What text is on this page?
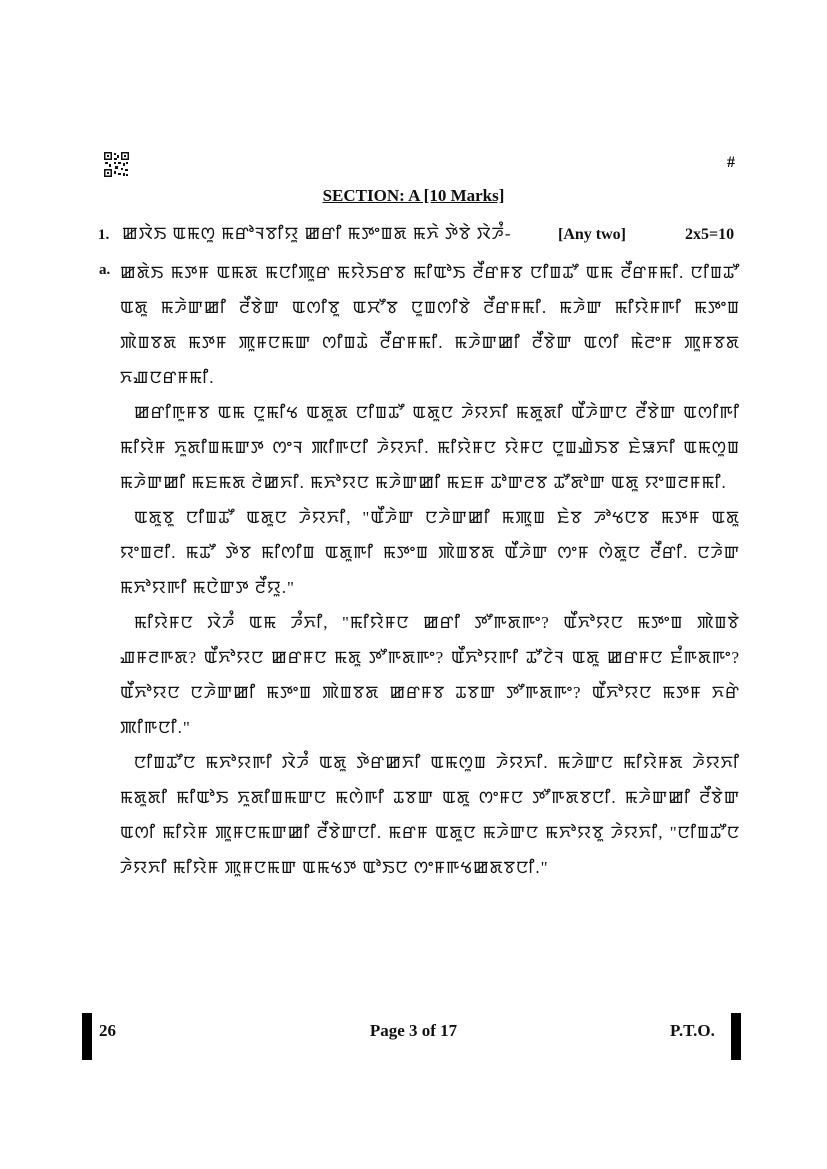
#
SECTION: A [10 Marks]
1. ꯀꯋꯥꯏ ꯑꯃꯁꯨ ꯃꯔꯣꯜꯕꯤꯌꯨ ꯀꯔꯤ ꯃꯇꯦꯡꯗ ꯃꯈꯥ ꯇꯥꯕꯥ ꯋꯥꯍꯪ-	[Any two]	2x5=10
a. ꯀꯗꯥꯏ ꯃꯇꯝ ꯑꯃꯗ ꯃꯅꯤꯄꯨꯔ ꯃꯌꯥꯏꯔꯕ ꯃꯤꯑꯣꯏ ꯂꯩꯔꯝꯕ ꯅꯤꯡꯊꯧ ꯑꯃ ꯂꯩꯔꯝꯃꯤ. ꯅꯤꯡꯊꯧ ꯑꯗꯨ ꯃꯍꯥꯛꯀꯤ ꯂꯩꯕꯥꯛ ꯑꯁꯤꯕꯨ ꯑꯆꯧꯕ ꯅꯨꯡꯁꯤꯕꯥ ꯂꯩꯔꯝꯃꯤ. ꯃꯍꯥꯛ ꯃꯤꯌꯥꯝꯒꯤ ꯃꯇꯦꯡ ꯄꯥꯡꯕꯗ ꯃꯇꯝ ꯄꯨꯝꯅꯃꯛ ꯁꯤꯡꯊꯥ ꯂꯩꯔꯝꯃꯤ. ꯃꯍꯥꯛꯀꯤ ꯂꯩꯕꯥꯛ ꯑꯁꯤ ꯃꯥꯂꯦꯝ ꯄꯨꯝꯕꯗ ꯈꯉꯅꯔꯝꯃꯤ.

ꯀꯔꯤꯒꯨꯝꯕ ꯑꯃ ꯅꯨꯃꯤꯠ ꯑꯗꯨꯗ ꯅꯤꯡꯊꯧ ꯑꯗꯨꯅ ꯍꯥꯌꯈꯤ ꯃꯗꯨꯗꯤ ꯑꯩꯍꯥꯛꯅ ꯂꯩꯕꯥꯛ ꯑꯁꯤꯒꯤ ꯃꯤꯌꯥꯝ ꯈꯨꯗꯤꯡꯃꯛꯇ ꯁꯦꯜ ꯄꯤꯒꯅꯤ ꯍꯥꯌꯈꯤ. ꯃꯤꯌꯥꯝꯅ ꯌꯥꯝꯅ ꯅꯨꯡꯉꯥꯏꯕ ꯐꯥꯎꯈꯤ ꯑꯃꯁꯨꯡ ꯃꯍꯥꯛꯀꯤ ꯃꯐꯃꯗ ꯂꯥꯀꯈꯤ. ꯃꯈꯣꯌꯅ ꯃꯍꯥꯛꯀꯤ ꯃꯐꯝ ꯊꯣꯛꯂꯕ ꯊꯧꯗꯣꯛ ꯑꯗꯨ ꯌꯦꯡꯂꯝꯃꯤ.

ꯑꯗꯨꯕꯨ ꯅꯤꯡꯊꯧ ꯑꯗꯨꯅ ꯍꯥꯌꯈꯤ, "ꯑꯩꯍꯥꯛ ꯅꯍꯥꯛꯀꯤ ꯃꯄꯨꯡ ꯐꯥꯕ ꯍꯣꯠꯅꯕ ꯃꯇꯝ ꯑꯗꯨ ꯌꯦꯡꯂꯤ. ꯃꯊꯧ ꯇꯥꯕ ꯃꯤꯁꯤꯡ ꯑꯗꯨꯒꯤ ꯃꯇꯦꯡ ꯄꯥꯡꯕꯗ ꯑꯩꯍꯥꯛ ꯁꯦꯝ ꯁꯥꯗꯨꯅ ꯂꯩꯔꯤ. ꯅꯍꯥꯛ ꯃꯈꯣꯌꯒꯤ ꯃꯅꯥꯛꯇ ꯂꯩꯌꯨ."

ꯃꯤꯌꯥꯝꯅ ꯋꯥꯍꯪ ꯑꯃ ꯍꯪꯈꯤ, "ꯃꯤꯌꯥꯝꯅ ꯀꯔꯤ ꯇꯧꯒꯗꯒꯦ? ꯑꯩꯈꯣꯌꯅ ꯃꯇꯦꯡ ꯄꯥꯡꯕꯥ ꯉꯝꯂꯒꯗ? ꯑꯩꯈꯣꯌꯅ ꯀꯔꯝꯅ ꯃꯗꯨ ꯇꯧꯒꯗꯒꯦ? ꯑꯩꯈꯣꯌꯒꯤ ꯊꯧꯖꯥꯜ ꯑꯗꯨ ꯀꯔꯝꯅ ꯐꯪꯒꯗꯒꯦ? ꯑꯩꯈꯣꯌꯅ ꯅꯍꯥꯛꯀꯤ ꯃꯇꯦꯡ ꯄꯥꯡꯕꯗ ꯀꯔꯝꯕ ꯊꯕꯛ ꯇꯧꯒꯗꯒꯦ? ꯑꯩꯈꯣꯌꯅ ꯃꯇꯝ ꯈꯔꯥ ꯄꯤꯒꯅꯤ."

ꯅꯤꯡꯊꯧꯅ ꯃꯈꯣꯌꯒꯤ ꯋꯥꯍꯪ ꯑꯗꯨ ꯇꯥꯔꯀꯈꯤ ꯑꯃꯁꯨꯡ ꯍꯥꯌꯈꯤ. ꯃꯍꯥꯛꯅ ꯃꯤꯌꯥꯝꯗ ꯍꯥꯌꯈꯤ ꯃꯗꯨꯗꯤ ꯃꯤꯑꯣꯏ ꯈꯨꯗꯤꯡꯃꯛꯅ ꯃꯁꯥꯒꯤ ꯊꯕꯛ ꯑꯗꯨ ꯁꯦꯝꯅ ꯇꯧꯒꯗꯕꯅꯤ. ꯃꯍꯥꯛꯀꯤ ꯂꯩꯕꯥꯛ ꯑꯁꯤ ꯃꯤꯌꯥꯝ ꯄꯨꯝꯅꯃꯛꯀꯤ ꯂꯩꯕꯥꯛꯅꯤ. ꯃꯔꯝ ꯑꯗꯨꯅ ꯃꯍꯥꯛꯅ ꯃꯈꯣꯌꯕꯨ ꯍꯥꯌꯈꯤ, "ꯅꯤꯡꯊꯧꯅ ꯍꯥꯌꯈꯤ ꯃꯤꯌꯥꯝ ꯄꯨꯝꯅꯃꯛ ꯑꯃꯠꯇ ꯑꯣꯏꯅ ꯁꯦꯝꯒꯠꯀꯗꯕꯅꯤ."

26	Page 3 of 17	P.T.O.
